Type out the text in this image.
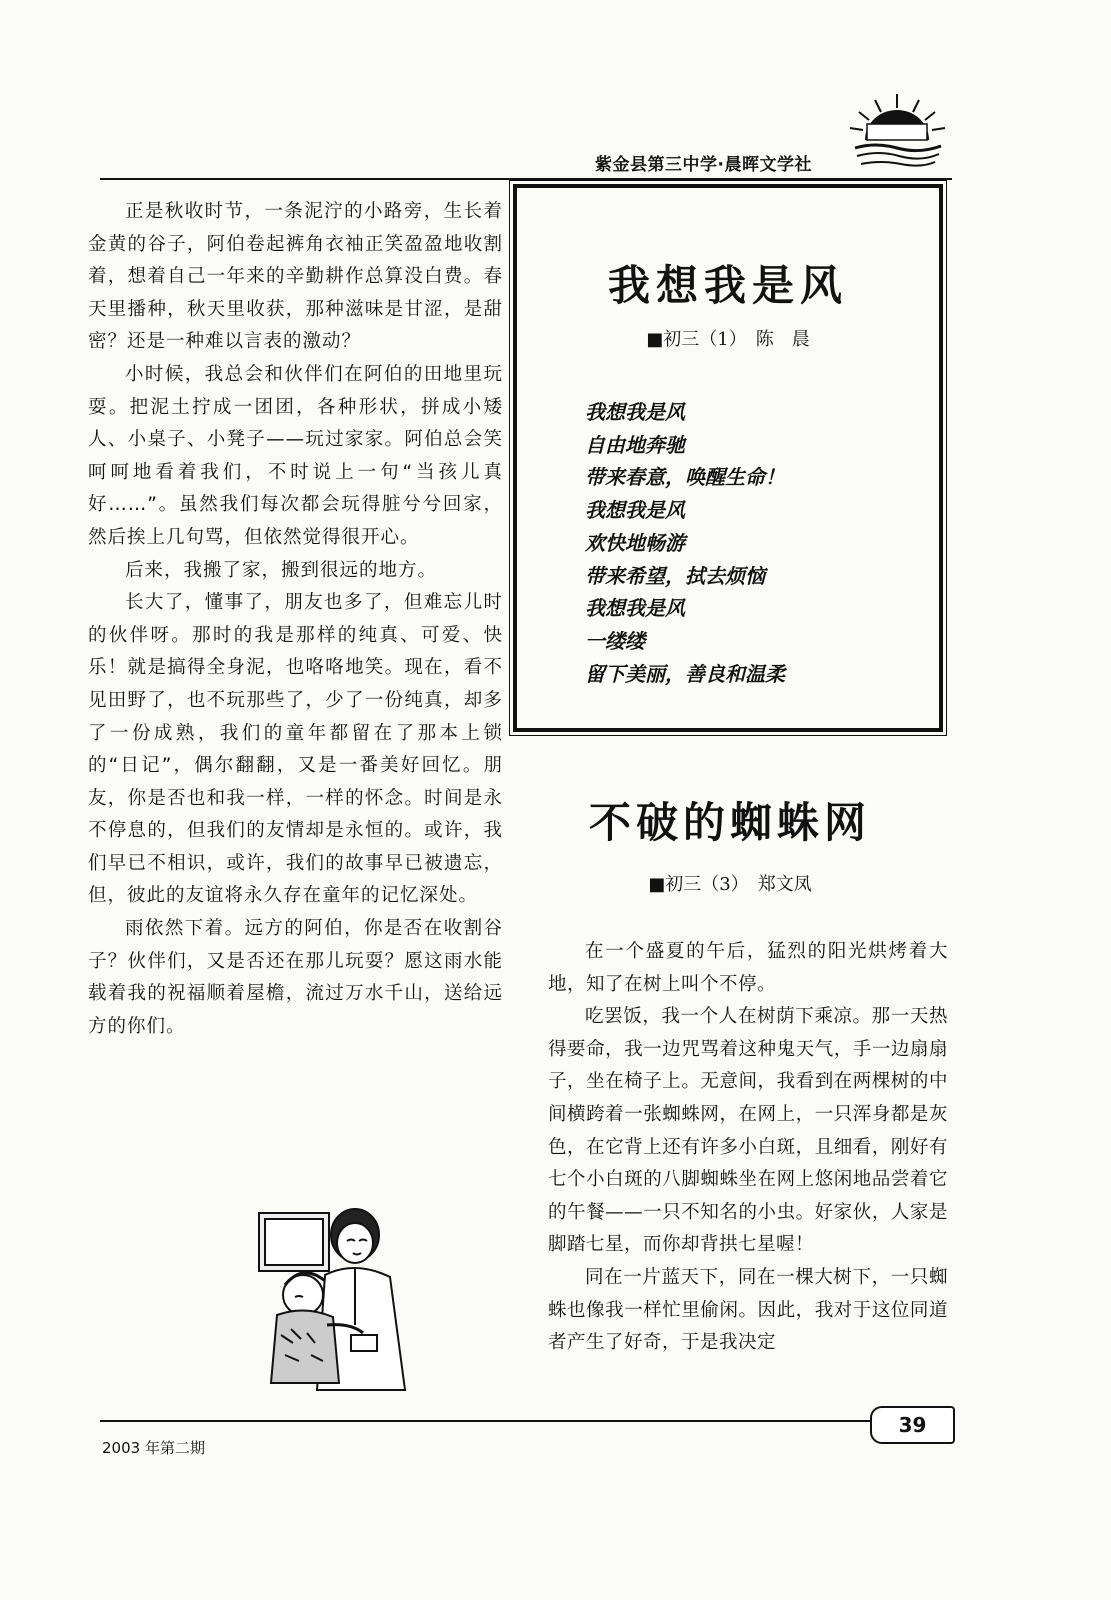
紫金县第三中学·晨晖文学社

正是秋收时节，一条泥泞的小路旁，生长着金黄的谷子，阿伯卷起裤角衣袖正笑盈盈地收割着，想着自己一年来的辛勤耕作总算没白费。春天里播种，秋天里收获，那种滋味是甘涩，是甜密？还是一种难以言表的激动？

小时候，我总会和伙伴们在阿伯的田地里玩耍。把泥土拧成一团团，各种形状，拼成小矮人、小桌子、小凳子——玩过家家。阿伯总会笑呵呵地看着我们，不时说上一句“当孩儿真好……”。虽然我们每次都会玩得脏兮兮回家，然后挨上几句骂，但依然觉得很开心。

后来，我搬了家，搬到很远的地方。

长大了，懂事了，朋友也多了，但难忘儿时的伙伴呀。那时的我是那样的纯真、可爱、快乐！就是搞得全身泥，也咯咯地笑。现在，看不见田野了，也不玩那些了，少了一份纯真，却多了一份成熟，我们的童年都留在了那本上锁的“日记”，偶尔翻翻，又是一番美好回忆。朋友，你是否也和我一样，一样的怀念。时间是永不停息的，但我们的友情却是永恒的。或许，我们早已不相识，或许，我们的故事早已被遗忘，但，彼此的友谊将永久存在童年的记忆深处。

雨依然下着。远方的阿伯，你是否在收割谷子？伙伴们，又是否还在那儿玩耍？愿这雨水能载着我的祝福顺着屋檐，流过万水千山，送给远方的你们。

我想我是风
■初三（1）　陈　晨
我想我是风
自由地奔驰
带来春意，唤醒生命！
我想我是风
欢快地畅游
带来希望，拭去烦恼
我想我是风
一缕缕
留下美丽，善良和温柔
不破的蜘蛛网
■初三（3）　郑文凤

在一个盛夏的午后，猛烈的阳光烘烤着大地，知了在树上叫个不停。

吃罢饭，我一个人在树荫下乘凉。那一天热得要命，我一边咒骂着这种鬼天气，手一边扇扇子，坐在椅子上。无意间，我看到在两棵树的中间横跨着一张蜘蛛网，在网上，一只浑身都是灰色，在它背上还有许多小白斑，且细看，刚好有七个小白斑的八脚蜘蛛坐在网上悠闲地品尝着它的午餐——一只不知名的小虫。好家伙，人家是脚踏七星，而你却背拱七星喔！

同在一片蓝天下，同在一棵大树下，一只蜘蛛也像我一样忙里偷闲。因此，我对于这位同道者产生了好奇，于是我决定

2003 年第二期
39
